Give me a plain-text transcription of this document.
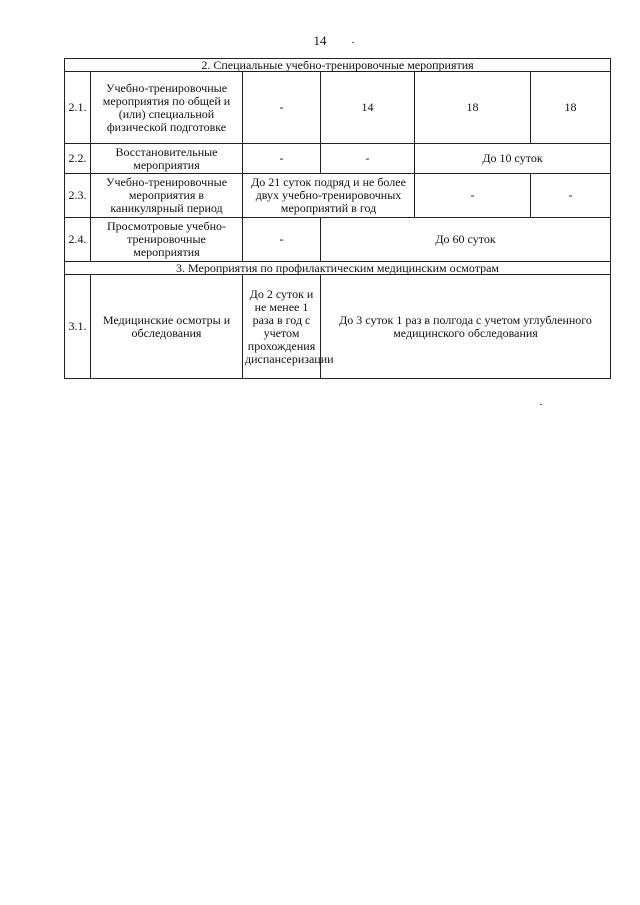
14
2. Специальные учебно-тренировочные мероприятия					
2.1.	Учебно-тренировочные мероприятия по общей и (или) специальной физической подготовке	-	14	18	18
2.2.	Восстановительные мероприятия	-	-	До 10 суток	
2.3.	Учебно-тренировочные мероприятия в каникулярный период	До 21 суток подряд и не более двух учебно-тренировочных мероприятий в год		-	-
2.4.	Просмотровые учебно-тренировочные мероприятия	-	До 60 суток		
3. Мероприятия по профилактическим медицинским осмотрам					
3.1.	Медицинские осмотры и обследования	До 2 суток и не менее 1 раза в год с учетом прохождения диспансеризации	До 3 суток 1 раз в полгода с учетом углубленного медицинского обследования		
